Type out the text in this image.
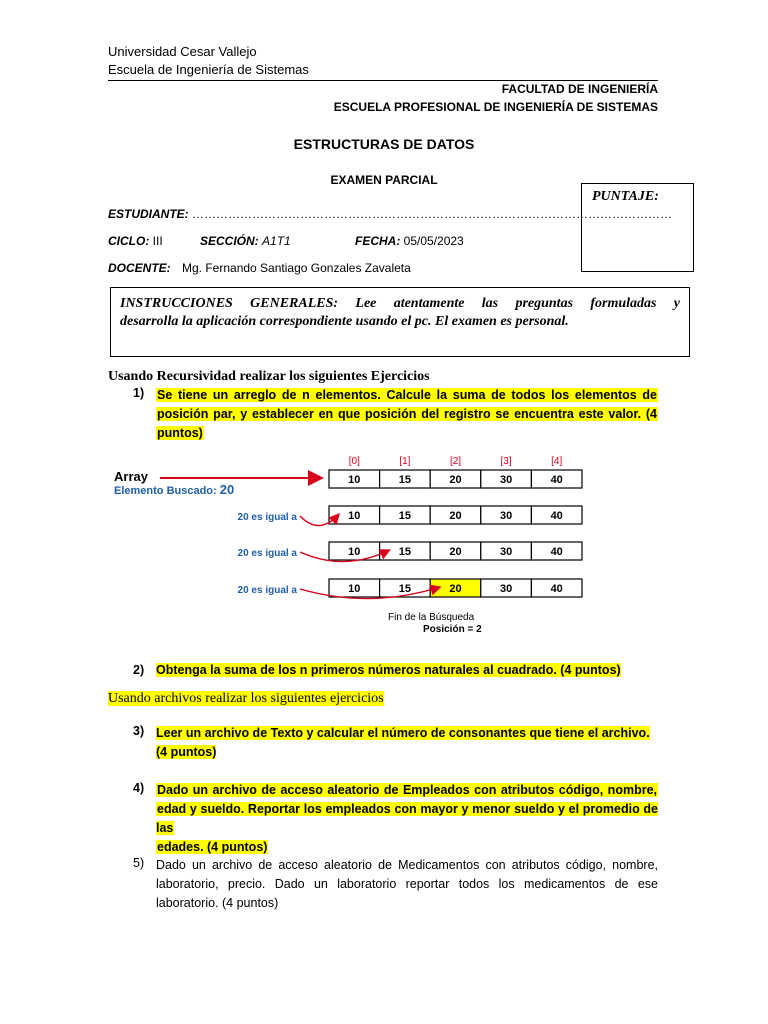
Universidad Cesar Vallejo
Escuela de Ingeniería de Sistemas
FACULTAD DE INGENIERÍA
ESCUELA PROFESIONAL DE INGENIERÍA DE SISTEMAS
ESTRUCTURAS DE DATOS
EXAMEN PARCIAL
PUNTAJE:
ESTUDIANTE: …………………………………………………………………………………………………………
CICLO: III	SECCIÓN: A1T1	FECHA: 05/05/2023
DOCENTE: Mg. Fernando Santiago Gonzales Zavaleta
INSTRUCCIONES GENERALES: Lee atentamente las preguntas formuladas y
desarrolla la aplicación correspondiente usando el pc. El examen es personal.
Usando Recursividad realizar los siguientes Ejercicios
1) Se tiene un arreglo de n elementos. Calcule la suma de todos los elementos de
posición par, y establecer en que posición del registro se encuentra este valor. (4
puntos)
[0]	[1]	[2]	[3]	[4]
Array
Elemento Buscado: 20
10	15	20	30	40
10	15	20	30	40
20 es igual a
10	15	20	30	40
20 es igual a
10	15	20	30	40
20 es igual a
Fin de la Búsqueda
Posición = 2
2) Obtenga la suma de los n primeros números naturales al cuadrado. (4 puntos)
Usando archivos realizar los siguientes ejercicios
3) Leer un archivo de Texto y calcular el número de consonantes que tiene el archivo.
(4 puntos)
4) Dado un archivo de acceso aleatorio de Empleados con atributos código, nombre,
edad y sueldo. Reportar los empleados con mayor y menor sueldo y el promedio de las
edades. (4 puntos)
5) Dado un archivo de acceso aleatorio de Medicamentos con atributos código, nombre,
laboratorio, precio. Dado un laboratorio reportar todos los medicamentos de ese
laboratorio. (4 puntos)
